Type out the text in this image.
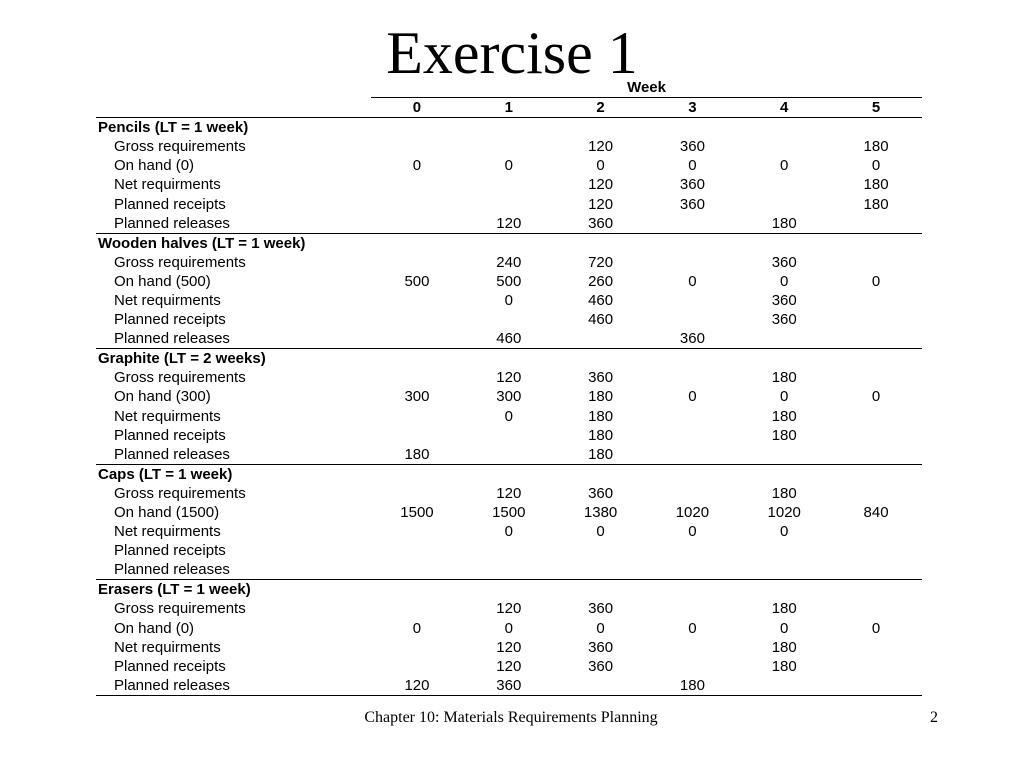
Exercise 1
	Week					
	0	1	2	3	4	5
Pencils (LT = 1 week)						
Gross requirements			120	360		180
On hand (0)	0	0	0	0	0	0
Net requirments			120	360		180
Planned receipts			120	360		180
Planned releases		120	360		180	
Wooden halves (LT = 1 week)						
Gross requirements		240	720		360	
On hand (500)	500	500	260	0	0	0
Net requirments		0	460		360	
Planned receipts			460		360	
Planned releases		460		360		
Graphite (LT = 2 weeks)						
Gross requirements		120	360		180	
On hand (300)	300	300	180	0	0	0
Net requirments		0	180		180	
Planned receipts			180		180	
Planned releases	180		180			
Caps (LT = 1 week)						
Gross requirements		120	360		180	
On hand (1500)	1500	1500	1380	1020	1020	840
Net requirments		0	0	0	0	
Planned receipts						
Planned releases						
Erasers (LT = 1 week)						
Gross requirements		120	360		180	
On hand (0)	0	0	0	0	0	0
Net requirments		120	360		180	
Planned receipts		120	360		180	
Planned releases	120	360		180		
Chapter 10: Materials Requirements Planning	2
